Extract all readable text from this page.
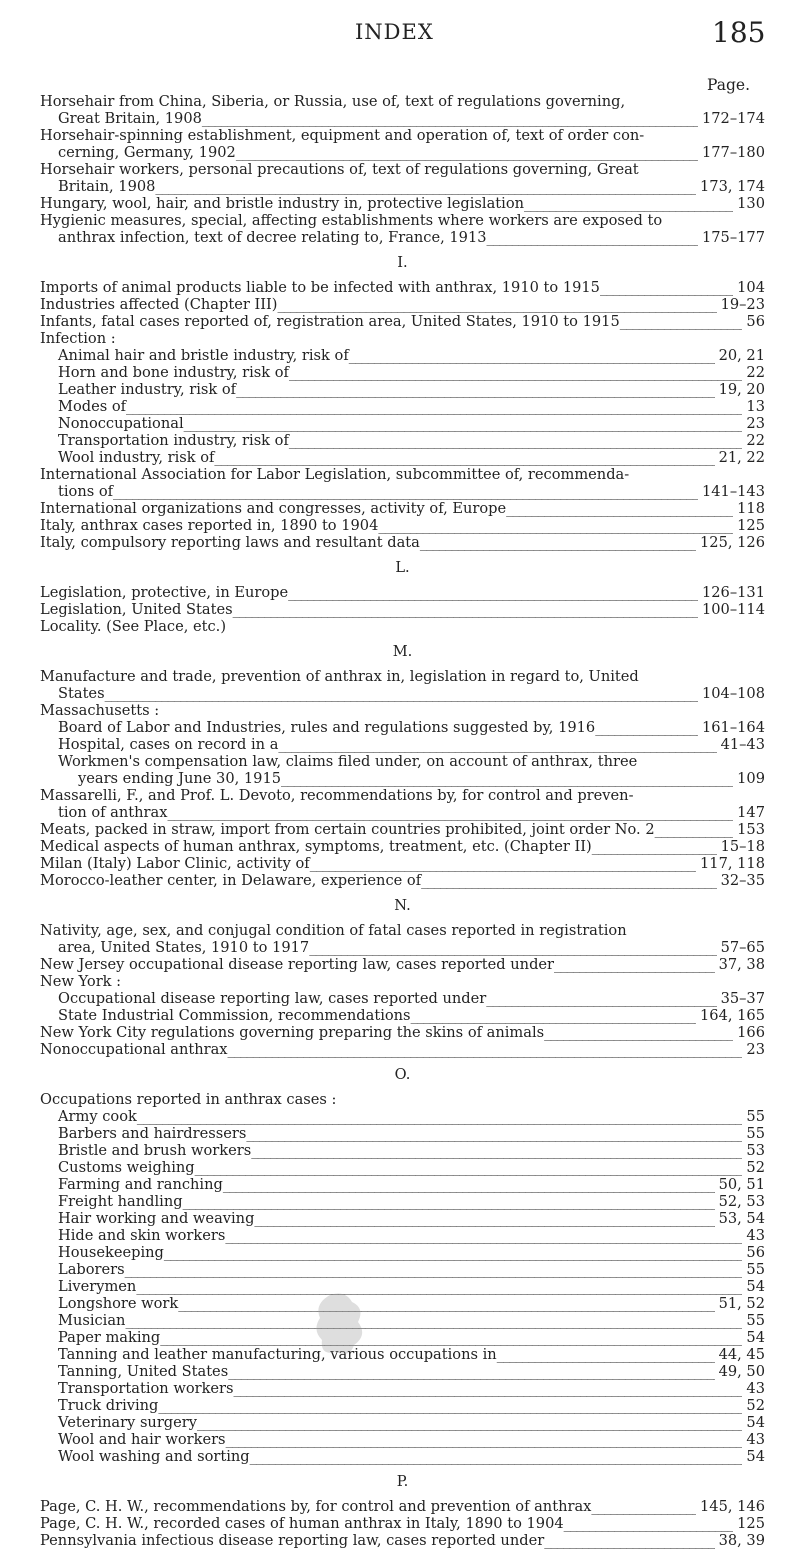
INDEX	185
Page.
Horsehair from China, Siberia, or Russia, use of, text of regulations governing,
Great Britain, 1908 _____	172–174
Horsehair-spinning establishment, equipment and operation of, text of order con-
cerning, Germany, 1902 _____	177–180
Horsehair workers, personal precautions of, text of regulations governing, Great
Britain, 1908 _____	173, 174
Hungary, wool, hair, and bristle industry in, protective legislation _____	130
Hygienic measures, special, affecting establishments where workers are exposed to
anthrax infection, text of decree relating to, France, 1913 _____	175–177
I.
Imports of animal products liable to be infected with anthrax, 1910 to 1915 _____	104
Industries affected (Chapter III) _____	19–23
Infants, fatal cases reported of, registration area, United States, 1910 to 1915 _____	56
Infection :
Animal hair and bristle industry, risk of _____	20, 21
Horn and bone industry, risk of _____	22
Leather industry, risk of _____	19, 20
Modes of _____	13
Nonoccupational _____	23
Transportation industry, risk of _____	22
Wool industry, risk of _____	21, 22
International Association for Labor Legislation, subcommittee of, recommenda-
tions of _____	141–143
International organizations and congresses, activity of, Europe _____	118
Italy, anthrax cases reported in, 1890 to 1904 _____	125
Italy, compulsory reporting laws and resultant data _____	125, 126
L.
Legislation, protective, in Europe _____	126–131
Legislation, United States _____	100–114
Locality. (See Place, etc.)
M.
Manufacture and trade, prevention of anthrax in, legislation in regard to, United
States _____	104–108
Massachusetts :
Board of Labor and Industries, rules and regulations suggested by, 1916 _____	161–164
Hospital, cases on record in a _____	41–43
Workmen's compensation law, claims filed under, on account of anthrax, three
years ending June 30, 1915 _____	109
Massarelli, F., and Prof. L. Devoto, recommendations by, for control and preven-
tion of anthrax _____	147
Meats, packed in straw, import from certain countries prohibited, joint order No. 2 _____	153
Medical aspects of human anthrax, symptoms, treatment, etc. (Chapter II) _____	15–18
Milan (Italy) Labor Clinic, activity of _____	117, 118
Morocco-leather center, in Delaware, experience of _____	32–35
N.
Nativity, age, sex, and conjugal condition of fatal cases reported in registration
area, United States, 1910 to 1917 _____	57–65
New Jersey occupational disease reporting law, cases reported under _____	37, 38
New York :
Occupational disease reporting law, cases reported under _____	35–37
State Industrial Commission, recommendations _____	164, 165
New York City regulations governing preparing the skins of animals _____	166
Nonoccupational anthrax _____	23
O.
Occupations reported in anthrax cases :
Army cook _____	55
Barbers and hairdressers _____	55
Bristle and brush workers _____	53
Customs weighing _____	52
Farming and ranching _____	50, 51
Freight handling _____	52, 53
Hair working and weaving _____	53, 54
Hide and skin workers _____	43
Housekeeping _____	56
Laborers _____	55
Liverymen _____	54
Longshore work _____	51, 52
Musician _____	55
Paper making _____	54
Tanning and leather manufacturing, various occupations in _____	44, 45
Tanning, United States _____	49, 50
Transportation workers _____	43
Truck driving _____	52
Veterinary surgery _____	54
Wool and hair workers _____	43
Wool washing and sorting _____	54
P.
Page, C. H. W., recommendations by, for control and prevention of anthrax _____	145, 146
Page, C. H. W., recorded cases of human anthrax in Italy, 1890 to 1904 _____	125
Pennsylvania infectious disease reporting law, cases reported under _____	38, 39
